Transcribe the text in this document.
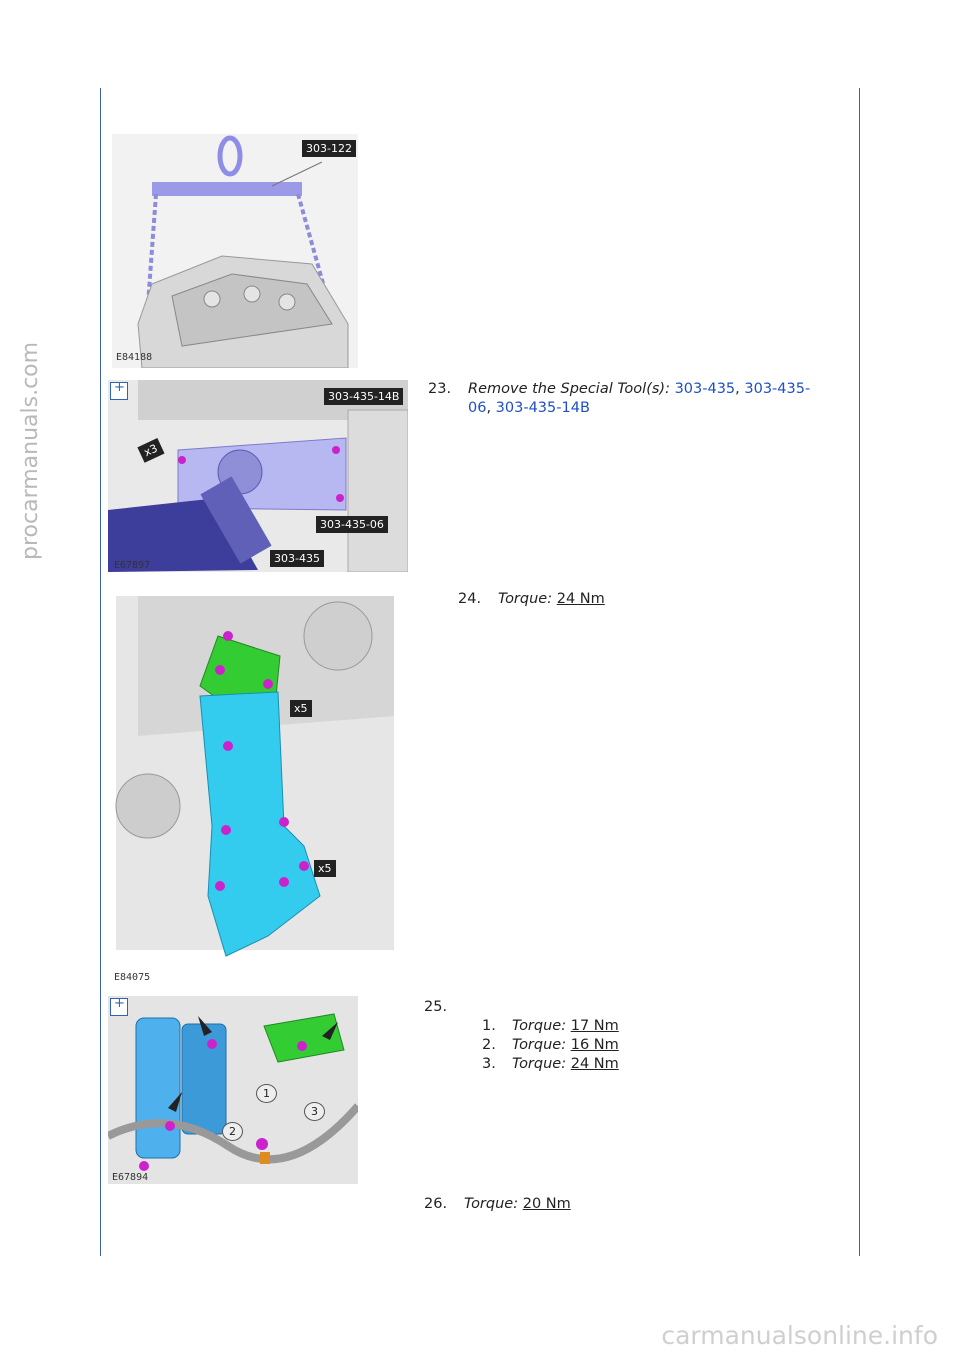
procarmanuals.com
carmanualsonline.info
303-122
E84188
+
303-435-14B
x3
303-435-06
303-435
E67897
x5
x5
E84075
+
1
2
3
E67894
23. Remove the Special Tool(s): 303-435, 303-435-
06, 303-435-14B
24. Torque: 24 Nm
25.
1. Torque: 17 Nm
2. Torque: 16 Nm
3. Torque: 24 Nm
26. Torque: 20 Nm
